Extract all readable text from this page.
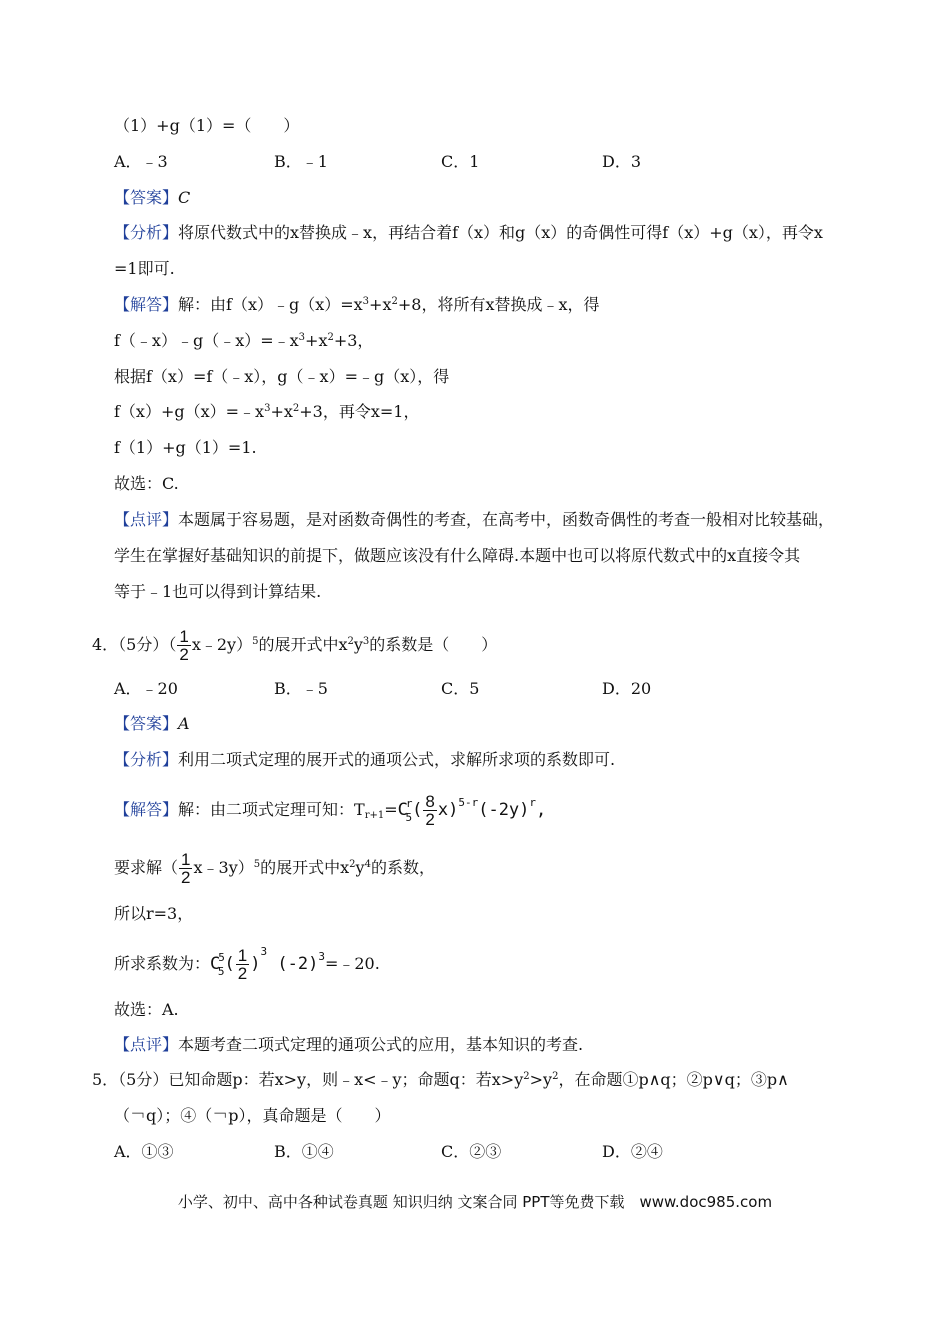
（1）+g（1）=（　　）
A．﹣3	B．﹣1	C．1	D．3
【答案】C
【分析】将原代数式中的x替换成﹣x，再结合着f（x）和g（x）的奇偶性可得f（x）+g（x），再令x
=1即可.
【解答】解：由$f(x)﹣g(x)=x^3+x^2+8$，将所有x替换成﹣x，得
$f(﹣x)﹣g(﹣x)=﹣x^3+x^2+3$，
根据f（x）=f（﹣x），g（﹣x）=﹣g（x），得
$f(x)+g(x)=﹣x^3+x^2+3$，再令x=1，
f（1）+g（1）=1.
故选：C.
【点评】本题属于容易题，是对函数奇偶性的考查，在高考中，函数奇偶性的考查一般相对比较基础，
学生在掌握好基础知识的前提下，做题应该没有什么障碍.本题中也可以将原代数式中的x直接令其
等于﹣1也可以得到计算结果.
4．（5分）（ $\frac{1}{2}$ x﹣2y）$^5$的展开式中$x^2y^3$的系数是（　　）
A．﹣20	B．﹣5	C．5	D．20
【答案】A
【分析】利用二项式定理的展开式的通项公式，求解所求项的系数即可.
【解答】解：由二项式定理可知：$T_{r+1}=C^r_5( \frac{8}{2} x)^{5-r}(-2y)^r$,
要求解（ $\frac{1}{2}$ x﹣3y）$^5$的展开式中$x^2y^4$的系数，
所以r=3，
所求系数为：$C^5_5( \frac{1}{2} )^3$ $(-2)^3=﹣20$.
故选：A.
【点评】本题考查二项式定理的通项公式的应用，基本知识的考查.
5．（5分）已知命题p：若x>y，则﹣x<﹣y；命题q：若$x>y^2>y^2$，在命题①p∧q；②p∨q；③p∧
（￢q）；④（￢p），真命题是（　　）
A．①③	B．①④	C．②③	D．②④
小学、初中、高中各种试卷真题 知识归纳 文案合同 PPT等免费下载　www.doc985.com
